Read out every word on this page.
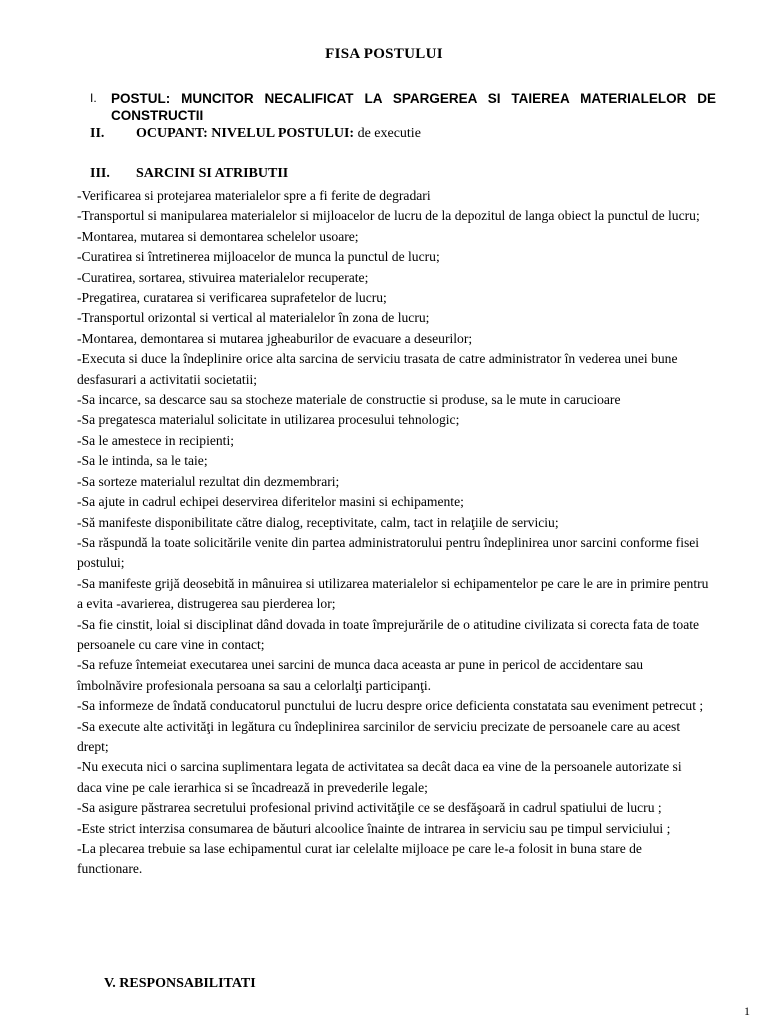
FISA POSTULUI
I. POSTUL: MUNCITOR NECALIFICAT LA SPARGEREA SI TAIEREA MATERIALELOR DE
CONSTRUCTII
II. OCUPANT: NIVELUL POSTULUI: de executie
III. SARCINI SI ATRIBUTII
-Verificarea si protejarea materialelor spre a fi ferite de degradari
-Transportul si manipularea materialelor si mijloacelor de lucru de la depozitul de langa obiect la punctul de lucru;
-Montarea, mutarea si demontarea schelelor usoare;
-Curatirea si întretinerea mijloacelor de munca la punctul de lucru;
-Curatirea, sortarea, stivuirea materialelor recuperate;
-Pregatirea, curatarea si verificarea suprafetelor de lucru;
-Transportul orizontal si vertical al materialelor în zona de lucru;
-Montarea, demontarea si mutarea jgheaburilor de evacuare a deseurilor;
-Executa si duce la îndeplinire orice alta sarcina de serviciu trasata de catre administrator în vederea unei bune desfasurari a activitatii societatii;
-Sa incarce, sa descarce sau sa stocheze materiale de constructie si produse, sa le mute in carucioare
-Sa pregatesca materialul solicitate in utilizarea procesului tehnologic;
-Sa le amestece in recipienti;
-Sa le intinda, sa le taie;
-Sa sorteze materialul rezultat din dezmembrari;
-Sa ajute in cadrul echipei deservirea diferitelor masini si echipamente;
-Să manifeste disponibilitate către dialog, receptivitate, calm, tact in relaţiile de serviciu;
-Sa răspundă la toate solicitările venite din partea administratorului pentru îndeplinirea unor sarcini conforme fisei postului;
-Sa manifeste grijă deosebită in mânuirea si utilizarea materialelor si echipamentelor pe care le are in primire pentru a evita -avarierea, distrugerea sau pierderea lor;
-Sa fie cinstit, loial si disciplinat dând dovada in toate împrejurările de o atitudine civilizata si corecta fata de toate persoanele cu care vine in contact;
-Sa refuze întemeiat executarea unei sarcini de munca daca aceasta ar pune in pericol de accidentare sau îmbolnăvire profesionala persoana sa sau a celorlalţi participanţi.
-Sa informeze de îndată conducatorul punctului de lucru despre orice deficienta constatata sau eveniment petrecut ;
-Sa execute alte activităţi in legătura cu îndeplinirea sarcinilor de serviciu precizate de persoanele care au acest drept;
-Nu executa nici o sarcina suplimentara legata de activitatea sa decât daca ea vine de la persoanele autorizate si daca vine pe cale ierarhica si se încadrează in prevederile legale;
-Sa asigure păstrarea secretului profesional privind activităţile ce se desfăşoară in cadrul spatiului de lucru ;
-Este strict interzisa consumarea de băuturi alcoolice înainte de intrarea in serviciu sau pe timpul serviciului ;
-La plecarea trebuie sa lase echipamentul curat iar celelalte mijloace pe care le-a folosit in buna stare de functionare.
V. RESPONSABILITATI
1
